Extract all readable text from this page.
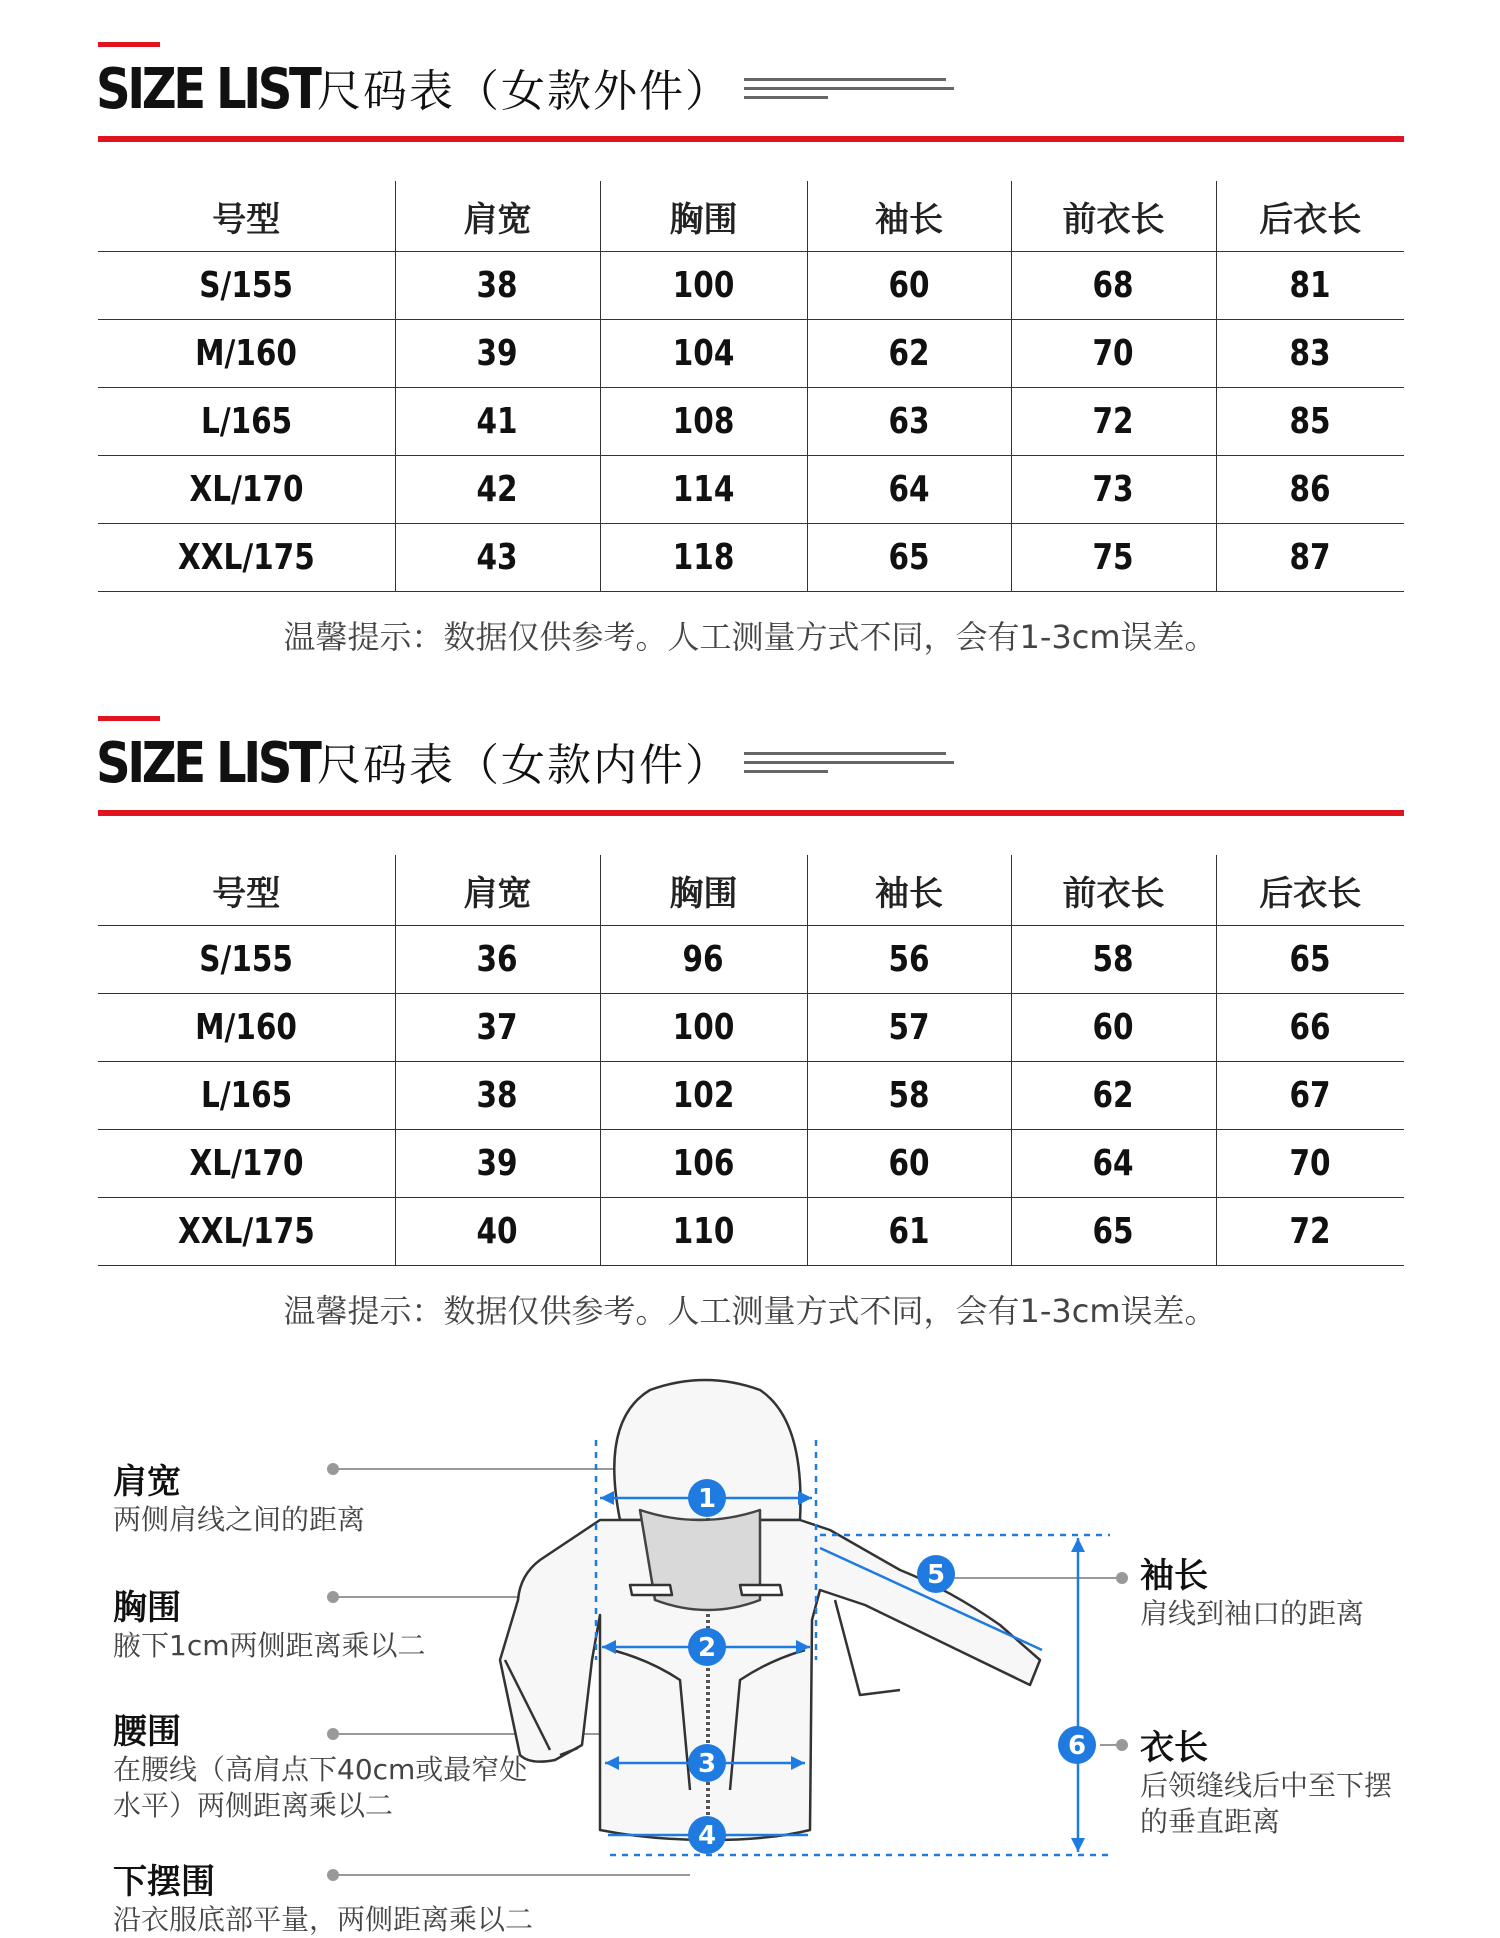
SIZE LIST
尺码表（女款外件）
号型	肩宽	胸围	袖长	前衣长	后衣长
S/155	38	100	60	68	81
M/160	39	104	62	70	83
L/165	41	108	63	72	85
XL/170	42	114	64	73	86
XXL/175	43	118	65	75	87
温馨提示：数据仅供参考。人工测量方式不同，会有1-3cm误差。
SIZE LIST
尺码表（女款内件）
号型	肩宽	胸围	袖长	前衣长	后衣长
S/155	36	96	56	58	65
M/160	37	100	57	60	66
L/165	38	102	58	62	67
XL/170	39	106	60	64	70
XXL/175	40	110	61	65	72
温馨提示：数据仅供参考。人工测量方式不同，会有1-3cm误差。
肩宽
两侧肩线之间的距离
胸围
腋下1cm两侧距离乘以二
腰围
在腰线（高肩点下40cm或最窄处
水平）两侧距离乘以二
下摆围
沿衣服底部平量，两侧距离乘以二
袖长
肩线到袖口的距离
衣长
后领缝线后中至下摆
的垂直距离
1
2
3
4
5
6
